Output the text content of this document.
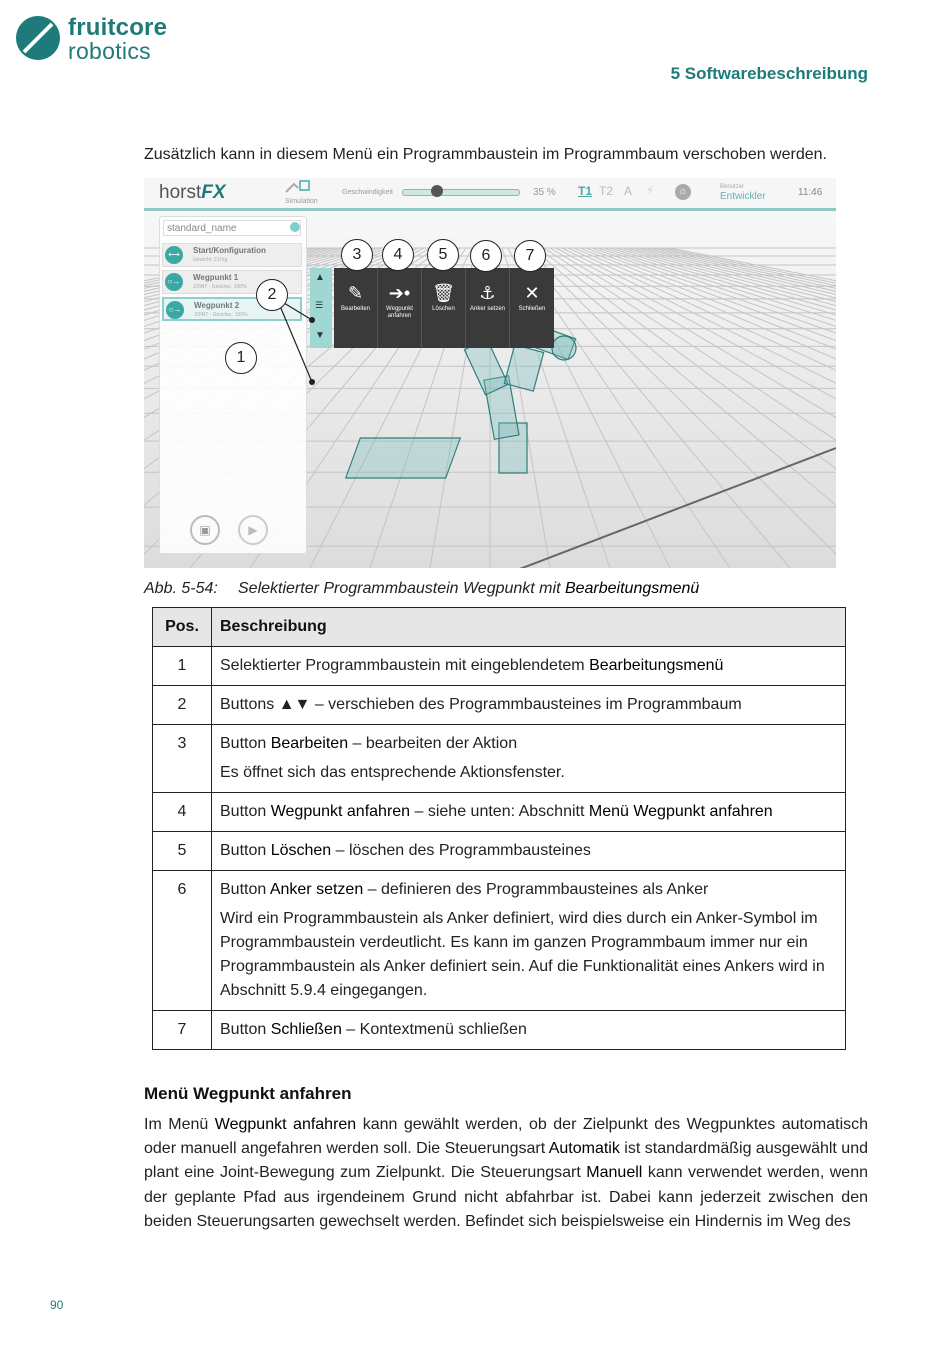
fruitcore
robotics
5 Softwarebeschreibung
Zusätzlich kann in diesem Menü ein Programmbaustein im Programmbaum verschoben werden.
horstFX	Simulation
Geschwindigkeit	35 % T1 T2 A ⚡	⌂	Benutzer
Entwickler	11:46
standard_name
⟷	Start/Konfiguration
Gewicht: 2.0 kg
○→	Wegpunkt 1
JOINT · Geschw.: 100%
○→	Wegpunkt 2
JOINT · Geschw.: 100%
▣	▶
▲
☰
▼
✎
Bearbeiten
➔•
Wegpunkt anfahren
🗑
Löschen
⚓
Anker setzen
✕
Schließen
1
2
3	4	5	6	7
Abb. 5-54: Selektierter Programmbaustein Wegpunkt mit Bearbeitungsmenü
Pos.	Beschreibung
1	Selektierter Programmbaustein mit eingeblendetem Bearbeitungsmenü

2	Buttons ▲▼ – verschieben des Programmbausteines im Programmbaum

3	Button Bearbeiten – bearbeiten der Aktion

Es öffnet sich das entsprechende Aktionsfenster.

4	Button Wegpunkt anfahren – siehe unten: Abschnitt Menü Wegpunkt anfahren

5	Button Löschen – löschen des Programmbausteines

6	Button Anker setzen – definieren des Programmbausteines als Anker

Wird ein Programmbaustein als Anker definiert, wird dies durch ein Anker-Symbol im Programmbaustein verdeutlicht. Es kann im ganzen Programmbaum immer nur ein Programmbaustein als Anker definiert sein. Auf die Funktionalität eines Ankers wird in Abschnitt 5.9.4 eingegangen.

7	Button Schließen – Kontextmenü schließen

Menü Wegpunkt anfahren
Im Menü Wegpunkt anfahren kann gewählt werden, ob der Zielpunkt des Wegpunktes automatisch oder manuell angefahren werden soll. Die Steuerungsart Automatik ist standardmäßig ausgewählt und plant eine Joint-Bewegung zum Zielpunkt. Die Steuerungsart Manuell kann verwendet werden, wenn der geplante Pfad aus irgendeinem Grund nicht abfahrbar ist. Dabei kann jederzeit zwischen den beiden Steuerungsarten gewechselt werden. Befindet sich beispielsweise ein Hindernis im Weg des
90
